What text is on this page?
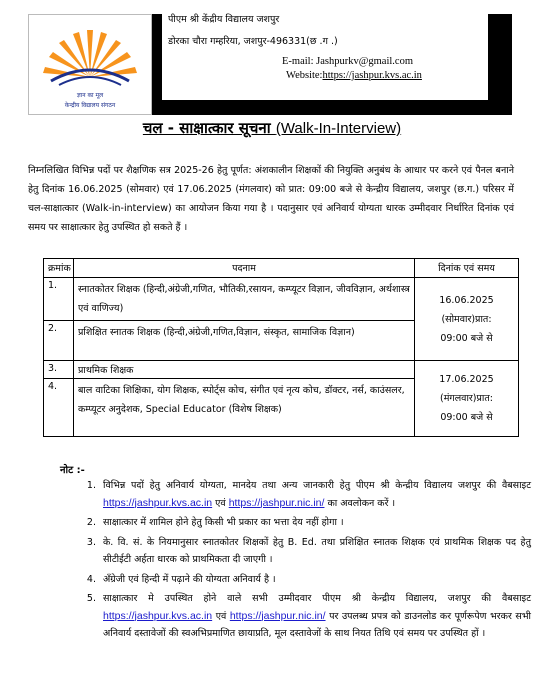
ज्ञान का मूल
केन्द्रीय विद्यालय संगठन
पीएम श्री केंद्रीय विद्यालय जशपुर
डोरका चौरा गम्हरिया, जशपुर-496331(छ .ग .)
E-mail: Jashpurkv@gmail.com
Website:https://jashpur.kvs.ac.in
चल - साक्षात्कार सूचना (Walk-In-Interview)
निम्नलिखित विभिन्न पदों पर शैक्षणिक सत्र 2025-26 हेतु पूर्णत: अंशकालीन शिक्षकों की नियुक्ति अनुबंध के आधार पर करने एवं पैनल बनाने हेतु दिनांक 16.06.2025 (सोमवार) एवं 17.06.2025 (मंगलवार) को प्रात: 09:00 बजे से केन्द्रीय विद्यालय, जशपुर (छ.ग.) परिसर में चल-साक्षात्कार (Walk-in-interview) का आयोजन किया गया है । पदानुसार एवं अनिवार्य योग्यता धारक उम्मीदवार निर्धारित दिनांक एवं समय पर साक्षात्कार हेतु उपस्थित हो सकते हैं ।
क्रमांक	पदनाम	दिनांक एवं समय
1.	स्नातकोतर शिक्षक (हिन्दी,अंग्रेजी,गणित, भौतिकी,रसायन, कम्प्यूटर विज्ञान, जीवविज्ञान, अर्थशास्त्र एवं वाणिज्य)	16.06.2025
(सोमवार)प्रात:
09:00 बजे से

2.	प्रशिक्षित स्नातक शिक्षक (हिन्दी,अंग्रेजी,गणित,विज्ञान, संस्कृत, सामाजिक विज्ञान)	
3.	प्राथमिक शिक्षक	17.06.2025
(मंगलवार)प्रात:
09:00 बजे से

4.	बाल वाटिका शिक्षिका, योग शिक्षक, स्पोर्ट्स कोच, संगीत एवं नृत्य कोच, डॉक्टर, नर्स, काउंसलर, कम्प्यूटर अनुदेशक, Special Educator (विशेष शिक्षक)	
नोट :-
1. विभिन्न पदों हेतु अनिवार्य योग्यता, मानदेय तथा अन्य जानकारी हेतु पीएम श्री केन्द्रीय विद्यालय जशपुर की वैबसाइट https://jashpur.kvs.ac.in एवं https://jashpur.nic.in/ का अवलोकन करें ।
2. साक्षात्कार में शामिल होने हेतु किसी भी प्रकार का भत्ता देय नहीं होगा ।
3. के. वि. सं. के नियमानुसार स्नातकोतर शिक्षकों हेतु B. Ed. तथा प्रशिक्षित स्नातक शिक्षक एवं प्राथमिक शिक्षक पद हेतु सीटीईटी अर्हता धारक को प्राथमिकता दी जाएगी ।
4. अँग्रेजी एवं हिन्दी में पढ़ाने की योग्यता अनिवार्य है ।
5. साक्षात्कार मे उपस्थित होने वाले सभी उम्मीदवार पीएम श्री केन्द्रीय विद्यालय, जशपुर की वैबसाइट https://jashpur.kvs.ac.in एवं https://jashpur.nic.in/ पर उपलब्ध प्रपत्र को डाउनलोड कर पूर्णरूपेण भरकर सभी अनिवार्य दस्तावेजों की स्वअभिप्रमाणित छायाप्रति, मूल दस्तावेजों के साथ नियत तिथि एवं समय पर उपस्थित हों ।
